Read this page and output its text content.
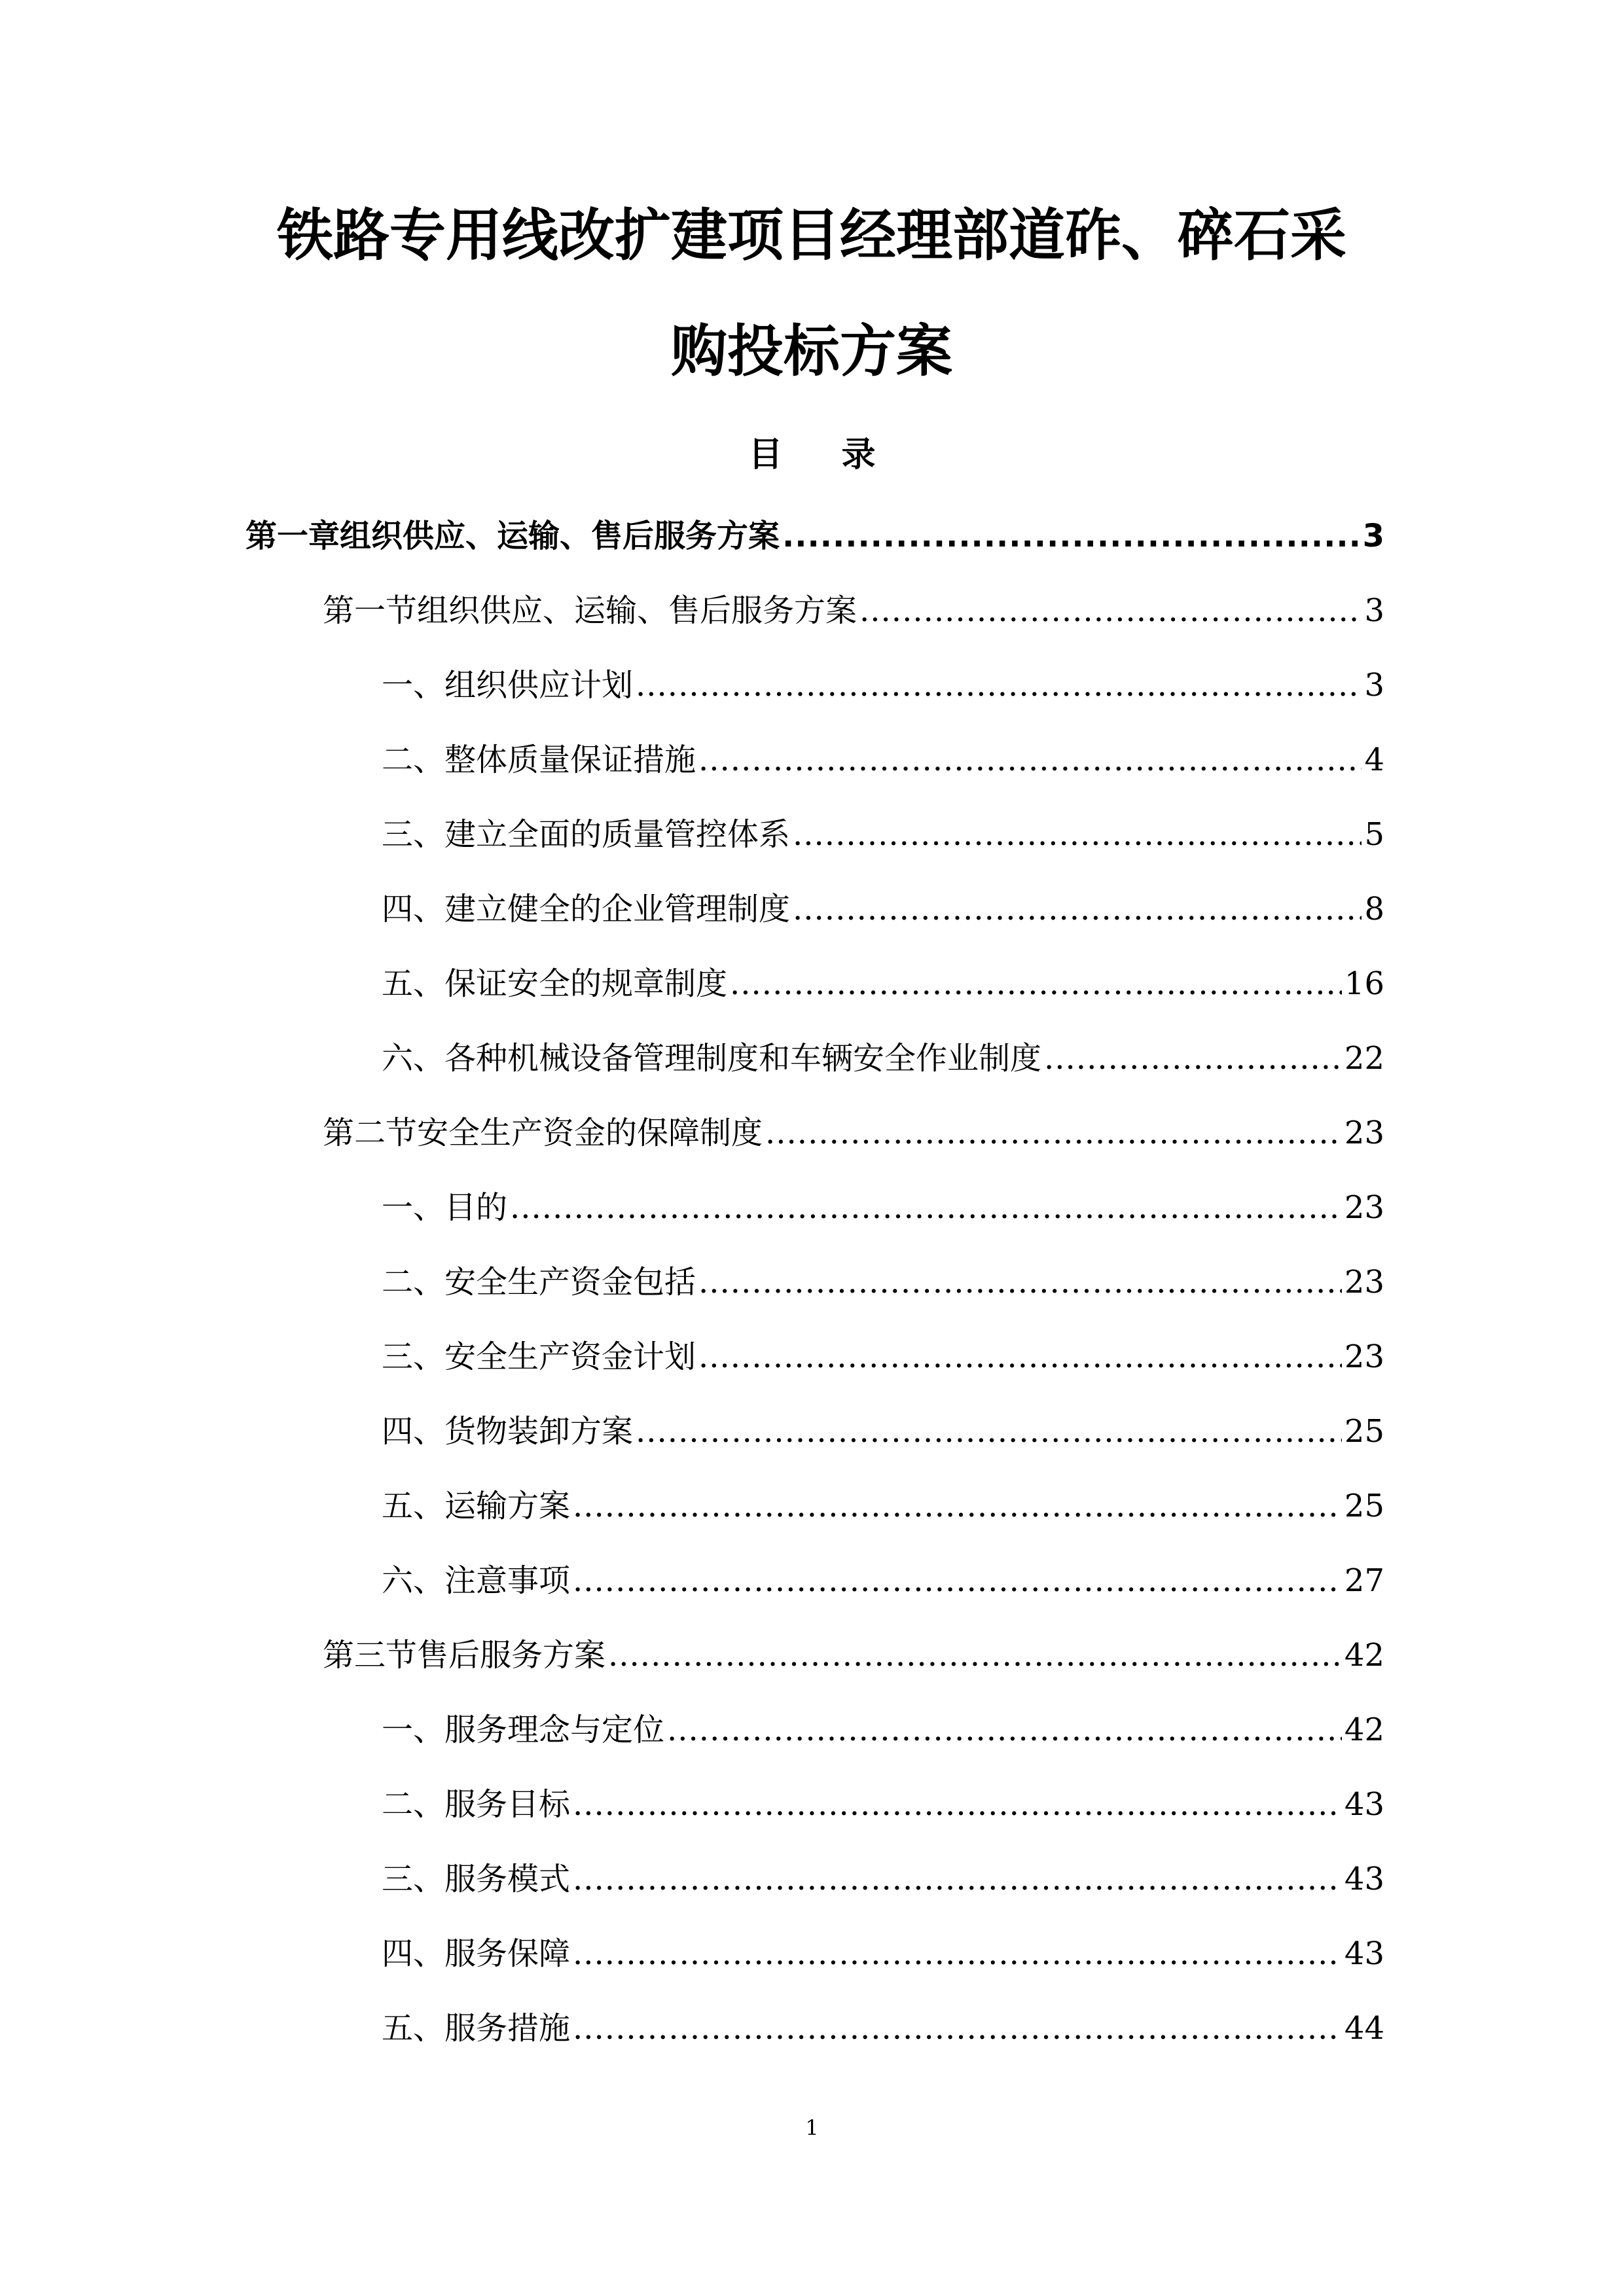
铁路专用线改扩建项目经理部道砟、碎石采
购投标方案
目 录
第一章 组织供应、运输、售后服务方案 .....	3
第一节 组织供应、运输、售后服务方案 .....	3
一、 组织供应计划 .....	3
二、 整体质量保证措施 .....	4
三、 建立全面的质量管控体系 .....	5
四、 建立健全的企业管理制度 .....	8
五、 保证安全的规章制度 .....	16
六、 各种机械设备管理制度和车辆安全作业制度 .....	22
第二节 安全生产资金的保障制度 .....	23
一、 目的 .....	23
二、 安全生产资金包括 .....	23
三、 安全生产资金计划 .....	23
四、 货物装卸方案 .....	25
五、 运输方案 .....	25
六、 注意事项 .....	27
第三节 售后服务方案 .....	42
一、 服务理念与定位 .....	42
二、 服务目标 .....	43
三、 服务模式 .....	43
四、 服务保障 .....	43
五、 服务措施 .....	44
1
